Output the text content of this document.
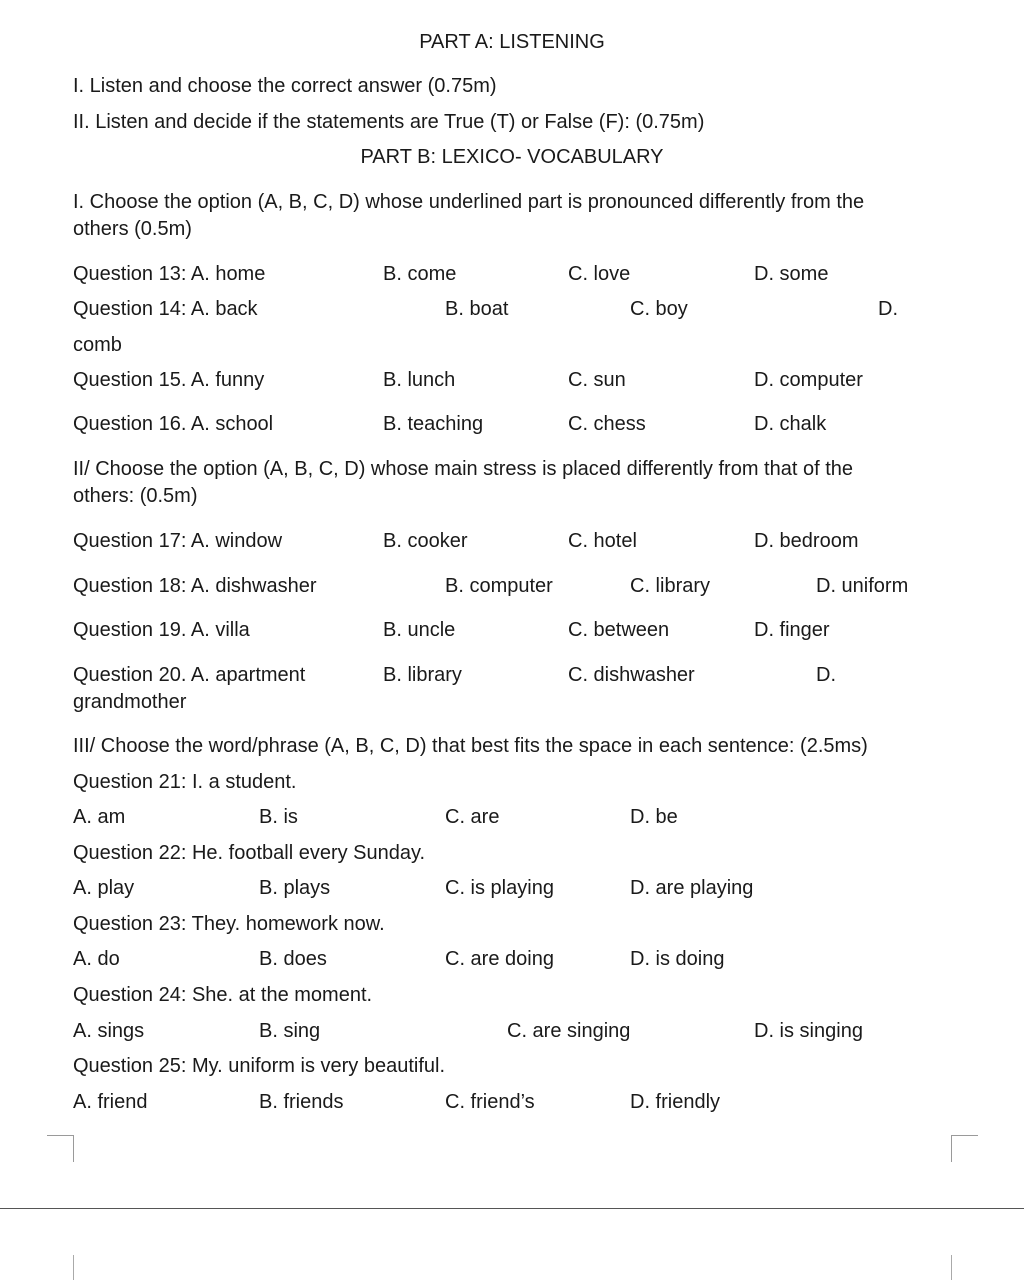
PART A: LISTENING
I. Listen and choose the correct answer (0.75m)
II. Listen and decide if the statements are True (T) or False (F): (0.75m)
PART B: LEXICO- VOCABULARY
I. Choose the option (A, B, C, D) whose underlined part is pronounced differently from the
others (0.5m)
Question 13: A. home	B. come	C. love	D. some
Question 14: A. back	B. boat	C. boy	D.
comb
Question 15. A. funny	B. lunch	C. sun	D. computer
Question 16. A. school	B. teaching	C. chess	D. chalk
II/ Choose the option (A, B, C, D) whose main stress is placed differently from that of the
others: (0.5m)
Question 17: A. window	B. cooker	C. hotel	D. bedroom
Question 18: A. dishwasher	B. computer	C. library	D. uniform
Question 19. A. villa	B. uncle	C. between	D. finger
Question 20. A. apartment	B. library	C. dishwasher	D.
grandmother
III/ Choose the word/phrase (A, B, C, D) that best fits the space in each sentence: (2.5ms)
Question 21: I. a student.
A. am	B. is	C. are	D. be
Question 22: He. football every Sunday.
A. play	B. plays	C. is playing	D. are playing
Question 23: They. homework now.
A. do	B. does	C. are doing	D. is doing
Question 24: She. at the moment.
A. sings	B. sing	C. are singing	D. is singing
Question 25: My. uniform is very beautiful.
A. friend	B. friends	C. friend’s	D. friendly
